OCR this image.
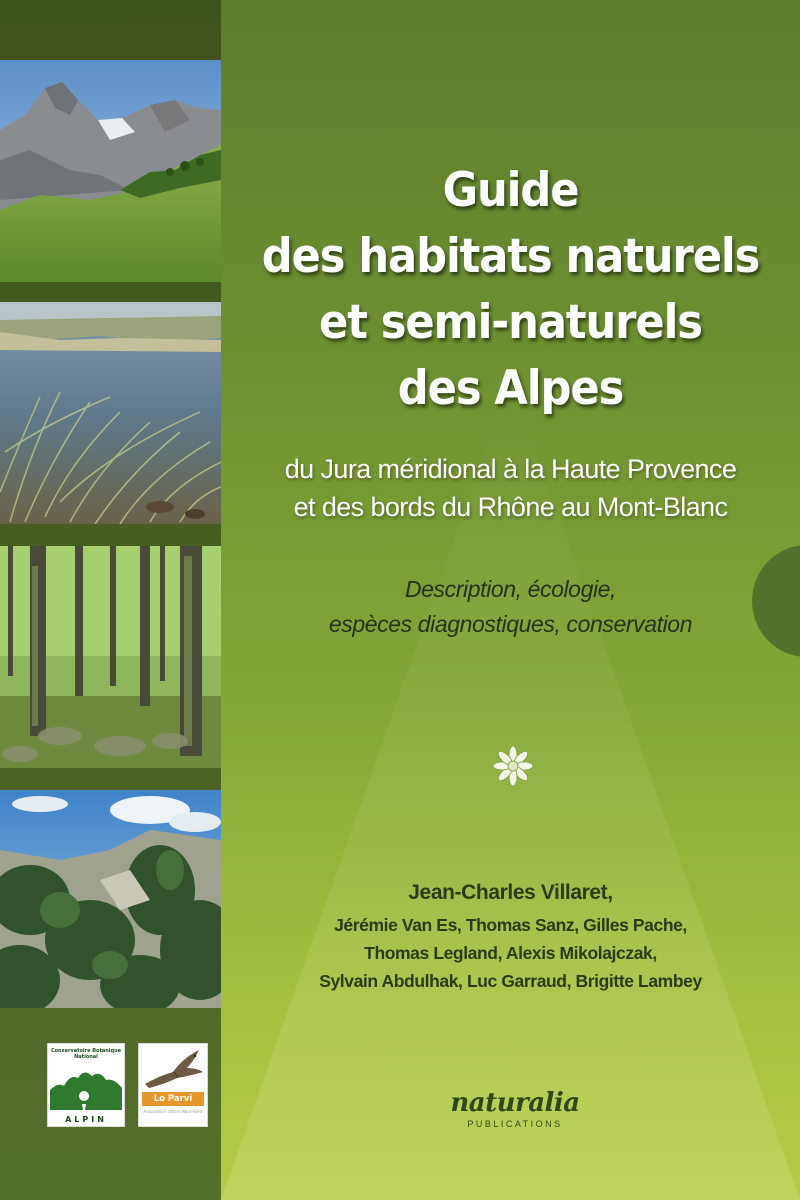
Guide
des habitats naturels
et semi-naturels
des Alpes
du Jura méridional à la Haute Provence
et des bords du Rhône au Mont-Blanc
Description, écologie,
espèces diagnostiques, conservation
Jean-Charles Villaret,
Jérémie Van Es, Thomas Sanz, Gilles Pache,
Thomas Legland, Alexis Mikolajczak,
Sylvain Abdulhak, Luc Garraud, Brigitte Lambey
naturalia
PUBLICATIONS
Conservatoire Botanique National
ALPIN
Lo Parvi
Association nature Nord-Isère
